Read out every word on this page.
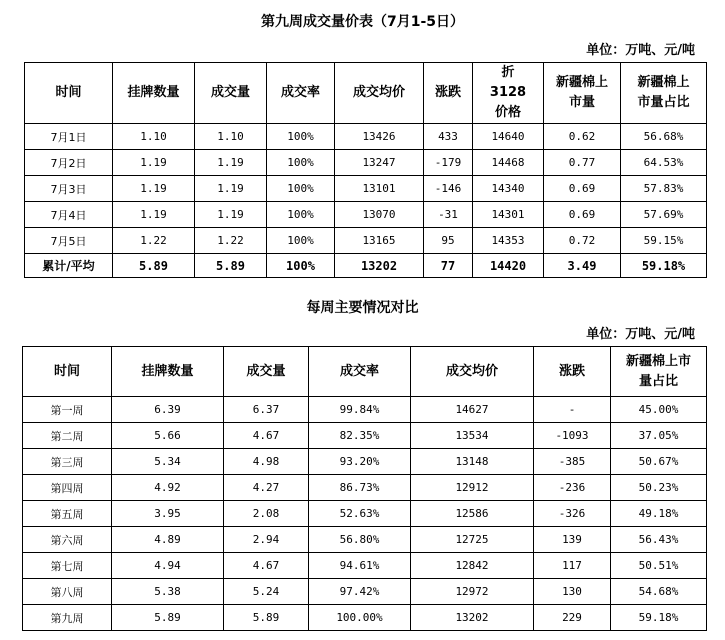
第九周成交量价表（7月1-5日）
单位：万吨、元/吨
时间	挂牌数量	成交量	成交率	成交均价	涨跌	折3128价格	新疆棉上市量	新疆棉上市量占比
7月1日	1.10	1.10	100%	13426	433	14640	0.62	56.68%
7月2日	1.19	1.19	100%	13247	-179	14468	0.77	64.53%
7月3日	1.19	1.19	100%	13101	-146	14340	0.69	57.83%
7月4日	1.19	1.19	100%	13070	-31	14301	0.69	57.69%
7月5日	1.22	1.22	100%	13165	95	14353	0.72	59.15%
累计/平均	5.89	5.89	100%	13202	77	14420	3.49	59.18%
每周主要情况对比
单位：万吨、元/吨
时间	挂牌数量	成交量	成交率	成交均价	涨跌	新疆棉上市量占比
第一周	6.39	6.37	99.84%	14627	-	45.00%
第二周	5.66	4.67	82.35%	13534	-1093	37.05%
第三周	5.34	4.98	93.20%	13148	-385	50.67%
第四周	4.92	4.27	86.73%	12912	-236	50.23%
第五周	3.95	2.08	52.63%	12586	-326	49.18%
第六周	4.89	2.94	56.80%	12725	139	56.43%
第七周	4.94	4.67	94.61%	12842	117	50.51%
第八周	5.38	5.24	97.42%	12972	130	54.68%
第九周	5.89	5.89	100.00%	13202	229	59.18%
